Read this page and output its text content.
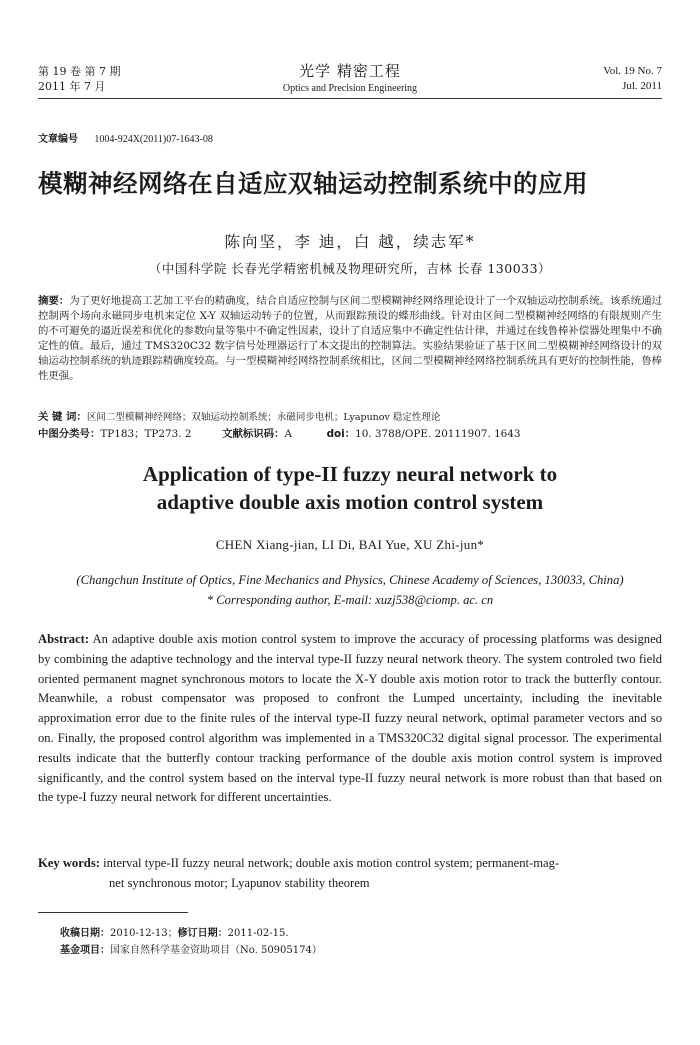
第 19 卷 第 7 期
2011 年 7 月
光学 精密工程
Optics and Precision Engineering
Vol. 19 No. 7
Jul. 2011
文章编号 1004-924X(2011)07-1643-08
模糊神经网络在自适应双轴运动控制系统中的应用
陈向坚，李 迪，白 越，续志军*
（中国科学院 长春光学精密机械及物理研究所，吉林 长春 130033）
摘要：为了更好地提高工艺加工平台的精确度，结合自适应控制与区间二型模糊神经网络理论设计了一个双轴运动控制系统。该系统通过控制两个场向永磁同步电机来定位 X-Y 双轴运动转子的位置，从而跟踪预设的蝶形曲线。针对由区间二型模糊神经网络的有限规则产生的不可避免的逼近误差和优化的参数向量等集中不确定性因素，设计了自适应集中不确定性估计律，并通过在线鲁棒补偿器处理集中不确定性的值。最后，通过 TMS320C32 数字信号处理器运行了本文提出的控制算法。实验结果验证了基于区间二型模糊神经网络设计的双轴运动控制系统的轨迹跟踪精确度较高。与一型模糊神经网络控制系统相比，区间二型模糊神经网络控制系统具有更好的控制性能，鲁棒性更强。
关 键 词：区间二型模糊神经网络；双轴运动控制系统；永磁同步电机；Lyapunov 稳定性理论
中图分类号：TP183；TP273. 2	文献标识码：A	doi：10. 3788/OPE. 20111907. 1643
Application of type-II fuzzy neural network to
adaptive double axis motion control system
CHEN Xiang-jian, LI Di, BAI Yue, XU Zhi-jun*
(Changchun Institute of Optics, Fine Mechanics and Physics, Chinese Academy of Sciences, 130033, China)
* Corresponding author, E-mail: xuzj538@ciomp. ac. cn
Abstract: An adaptive double axis motion control system to improve the accuracy of processing platforms was designed by combining the adaptive technology and the interval type-II fuzzy neural network theory. The system controled two field oriented permanent magnet synchronous motors to locate the X-Y double axis motion rotor to track the butterfly contour. Meanwhile, a robust compensator was proposed to confront the Lumped uncertainty, including the inevitable approximation error due to the finite rules of the interval type-II fuzzy neural network, optimal parameter vectors and so on. Finally, the proposed control algorithm was implemented in a TMS320C32 digital signal processor. The experimental results indicate that the butterfly contour tracking performance of the double axis motion control system is improved significantly, and the control system based on the interval type-II fuzzy neural network is more robust than that based on the type-I fuzzy neural network for different uncertainties.
Key words: interval type-II fuzzy neural network; double axis motion control system; permanent-mag-
net synchronous motor; Lyapunov stability theorem
收稿日期：2010-12-13；修订日期：2011-02-15.
基金项目：国家自然科学基金资助项目（No. 50905174）
